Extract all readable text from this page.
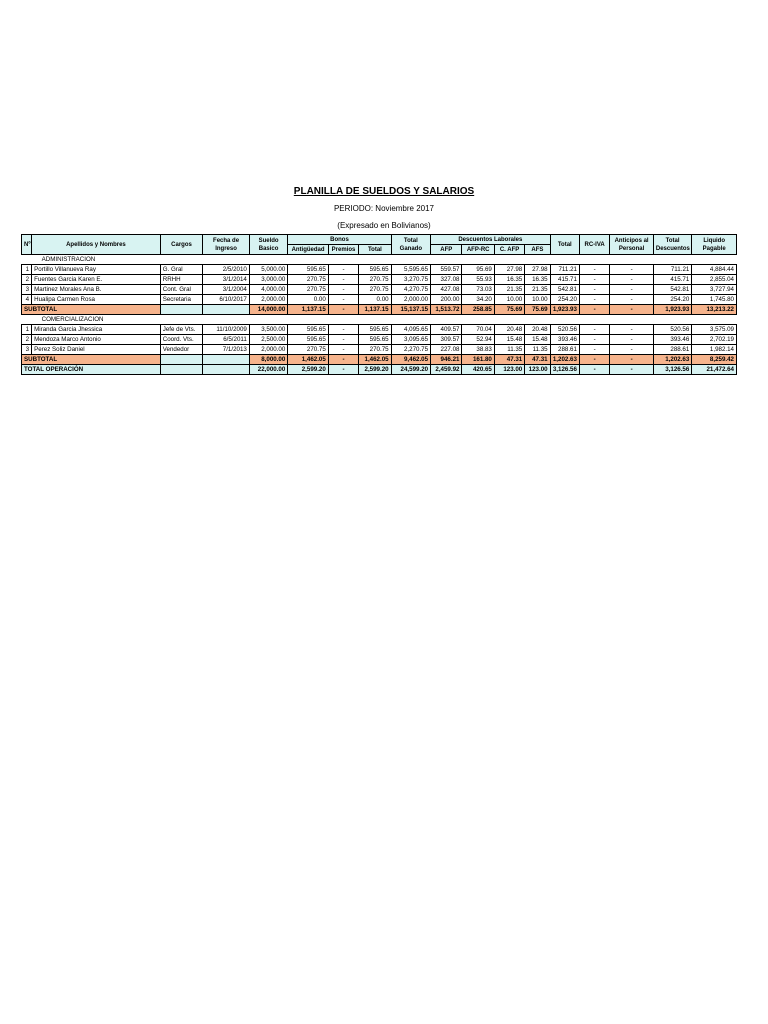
PLANILLA DE SUELDOS Y SALARIOS
PERIODO: Noviembre 2017
(Expresado en Bolivianos)
Nº	Apellidos y Nombres	Cargos	Fecha de Ingreso	Sueldo Basico	Bonos			Total Ganado	Descuentos Laborales				Total	RC-IVA	Anticipos al Personal	Total Descuentos	Liquido Pagable
					Antigüedad	Premios	Total		AFP	AFP-RC	C. AFP	AFS					
	ADMINISTRACION																
1	Portillo Villanueva Ray	G. Gral	2/5/2010	5,000.00	595.65	-	595.65	5,595.65	559.57	95.69	27.98	27.98	711.21	-	-	711.21	4,884.44
2	Fuentes Garcia Karen E.	RRHH	3/1/2014	3,000.00	270.75	-	270.75	3,270.75	327.08	55.93	16.35	16.35	415.71	-	-	415.71	2,855.04
3	Martinez Morales Ana B.	Cont. Gral	3/1/2004	4,000.00	270.75	-	270.75	4,270.75	427.08	73.03	21.35	21.35	542.81	-	-	542.81	3,727.94
4	Hualipa Carmen Rosa	Secretaria	6/10/2017	2,000.00	0.00	-	0.00	2,000.00	200.00	34.20	10.00	10.00	254.20	-	-	254.20	1,745.80
SUBTOTAL				14,000.00	1,137.15	-	1,137.15	15,137.15	1,513.72	258.85	75.69	75.69	1,923.93	-	-	1,923.93	13,213.22
	COMERCIALIZACION																
1	Miranda Garcia Jhessica	Jefe de Vts.	11/10/2009	3,500.00	595.65	-	595.65	4,095.65	409.57	70.04	20.48	20.48	520.56	-	-	520.56	3,575.09
2	Mendoza Marco Antonio	Coord. Vts.	6/5/2011	2,500.00	595.65	-	595.65	3,095.65	309.57	52.94	15.48	15.48	393.46	-	-	393.46	2,702.19
3	Perez Soliz Daniel	Vendedor	7/1/2013	2,000.00	270.75	-	270.75	2,270.75	227.08	38.83	11.35	11.35	288.61	-	-	288.61	1,982.14
SUBTOTAL				8,000.00	1,462.05	-	1,462.05	9,462.05	946.21	161.80	47.31	47.31	1,202.63	-	-	1,202.63	8,259.42
TOTAL OPERACIÓN				22,000.00	2,599.20	-	2,599.20	24,599.20	2,459.92	420.65	123.00	123.00	3,126.56	-	-	3,126.56	21,472.64
